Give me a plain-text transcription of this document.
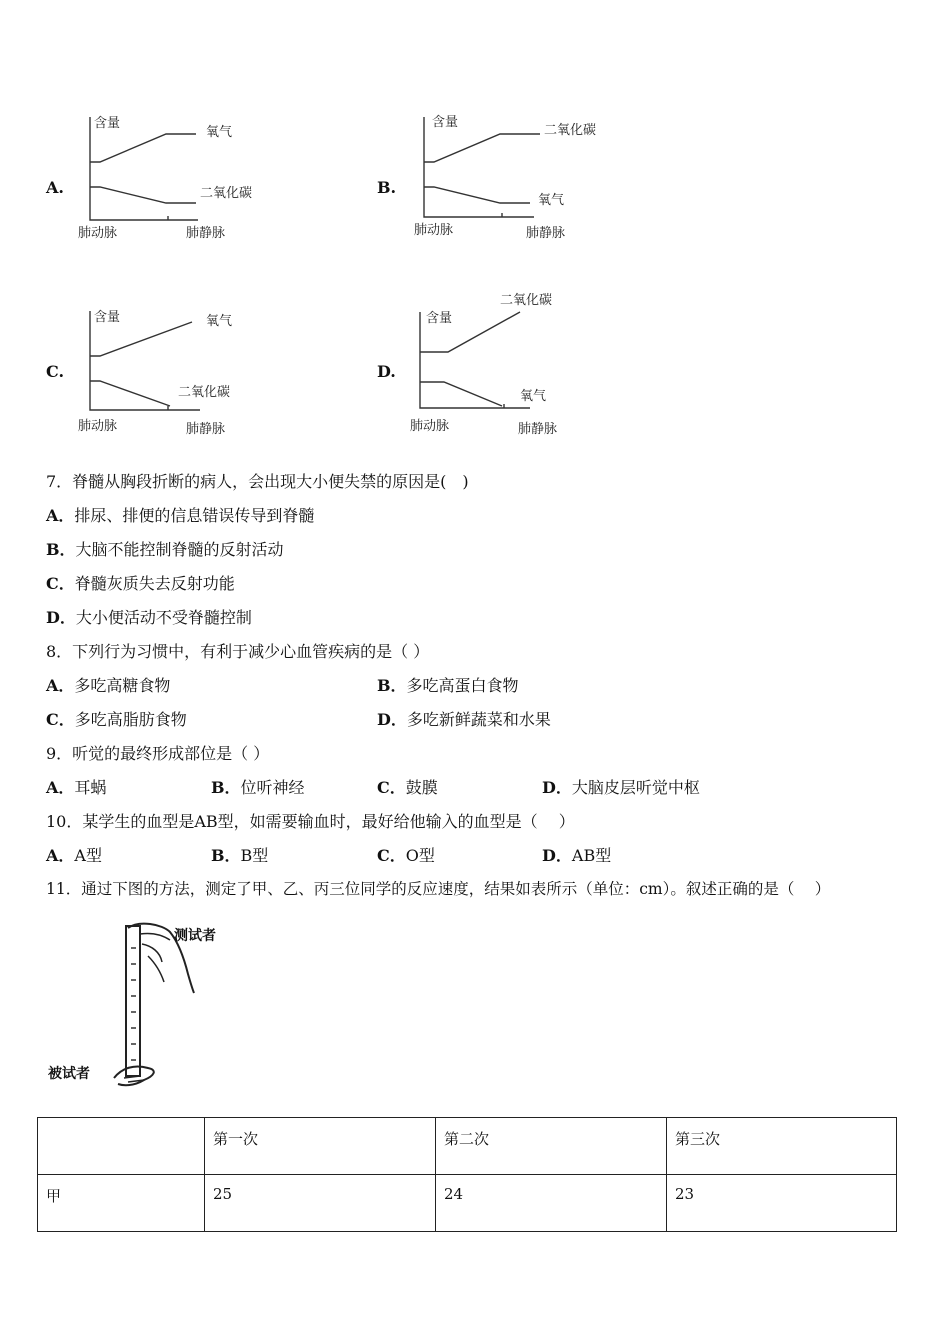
A.
含量
氧气
二氧化碳
肺动脉	肺静脉
B.
含量
二氧化碳
氧气
肺动脉	肺静脉
C.
含量	氧气
二氧化碳
肺动脉	肺静脉
D.
含量
二氧化碳
氧气
肺动脉	肺静脉
7．脊髓从胸段折断的病人，会出现大小便失禁的原因是(　)
A．排尿、排便的信息错误传导到脊髓
B．大脑不能控制脊髓的反射活动
C．脊髓灰质失去反射功能
D．大小便活动不受脊髓控制
8．下列行为习惯中，有利于减少心血管疾病的是（ ）
A．多吃高糖食物	B．多吃高蛋白食物
C．多吃高脂肪食物	D．多吃新鲜蔬菜和水果
9．听觉的最终形成部位是（ ）
A．耳蜗	B．位听神经	C．鼓膜	D．大脑皮层听觉中枢
10．某学生的血型是AB型，如需要输血时，最好给他输入的血型是（　 ）
A．A型	B．B型	C．O型	D．AB型
11．通过下图的方法，测定了甲、乙、丙三位同学的反应速度，结果如表所示（单位：cm）。叙述正确的是（　 ）
测试者
被试者
	第一次	第二次	第三次
甲	25	24	23
